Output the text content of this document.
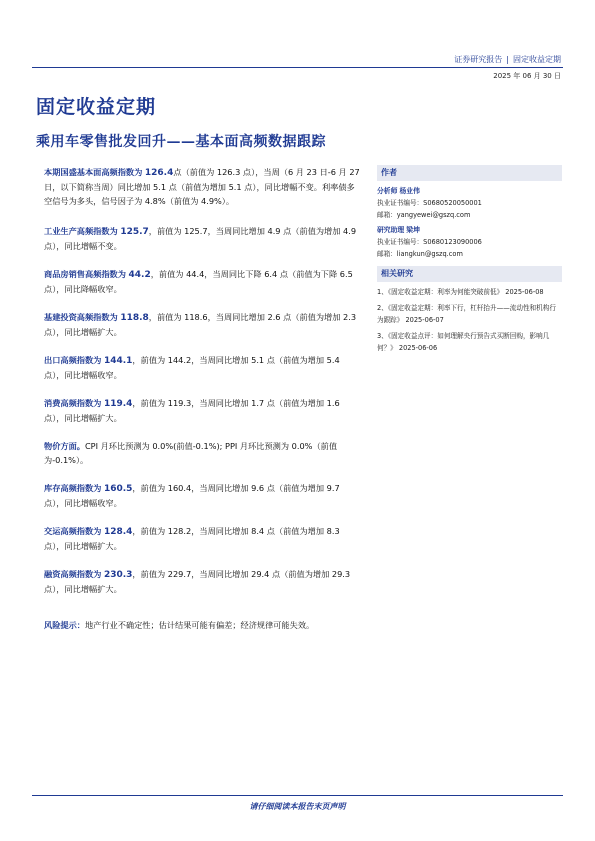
证券研究报告 | 固定收益定期
2025 年 06 月 30 日
固定收益定期
乘用车零售批发回升——基本面高频数据跟踪

本期国盛基本面高频指数为 126.4点（前值为 126.3 点），当周（6 月 23 日-6 月 27 日，以下简称当周）同比增加 5.1 点（前值为增加 5.1 点），同比增幅不变。利率债多空信号为多头，信号因子为 4.8%（前值为 4.9%）。

工业生产高频指数为 125.7，前值为 125.7，当周同比增加 4.9 点（前值为增加 4.9 点），同比增幅不变。

商品房销售高频指数为 44.2，前值为 44.4，当周同比下降 6.4 点（前值为下降 6.5 点），同比降幅收窄。

基建投资高频指数为 118.8，前值为 118.6，当周同比增加 2.6 点（前值为增加 2.3 点），同比增幅扩大。

出口高频指数为 144.1，前值为 144.2，当周同比增加 5.1 点（前值为增加 5.4 点），同比增幅收窄。

消费高频指数为 119.4，前值为 119.3，当周同比增加 1.7 点（前值为增加 1.6 点），同比增幅扩大。

物价方面。CPI 月环比预测为 0.0%(前值-0.1%); PPI 月环比预测为 0.0%（前值为-0.1%）。

库存高频指数为 160.5，前值为 160.4，当周同比增加 9.6 点（前值为增加 9.7 点），同比增幅收窄。

交运高频指数为 128.4，前值为 128.2，当周同比增加 8.4 点（前值为增加 8.3 点），同比增幅扩大。

融资高频指数为 230.3，前值为 229.7，当周同比增加 29.4 点（前值为增加 29.3 点），同比增幅扩大。

风险提示：地产行业不确定性；估计结果可能有偏差；经济规律可能失效。

作者
分析师 杨业伟
执业证书编号：S0680520050001
邮箱：yangyewei@gszq.com
研究助理 梁坤
执业证书编号：S0680123090006
邮箱：liangkun@gszq.com
相关研究
1、《固定收益定期：利率为何能突破前低》 2025-06-08
2、《固定收益定期：利率下行，杠杆抬升——流动性和机构行为跟踪》 2025-06-07
3、《固定收益点评：如何理解央行预告式买断回购，影响几何？》 2025-06-06
请仔细阅读本报告末页声明
